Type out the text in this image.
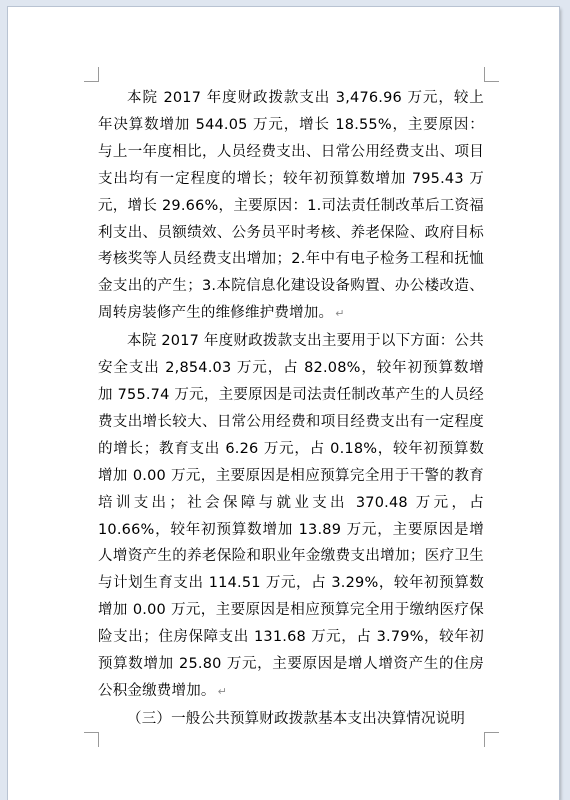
本院 2017 年度财政拨款支出 3,476.96 万元，较上年决算数增加 544.05 万元，增长 18.55%，主要原因：与上一年度相比，人员经费支出、日常公用经费支出、项目支出均有一定程度的增长；较年初预算数增加 795.43 万元，增长 29.66%，主要原因：1.司法责任制改革后工资福利支出、员额绩效、公务员平时考核、养老保险、政府目标考核奖等人员经费支出增加；2.年中有电子检务工程和抚恤金支出的产生；3.本院信息化建设设备购置、办公楼改造、周转房装修产生的维修维护费增加。 ↵

本院 2017 年度财政拨款支出主要用于以下方面：公共安全支出 2,854.03 万元，占 82.08%，较年初预算数增加 755.74 万元，主要原因是司法责任制改革产生的人员经费支出增长较大、日常公用经费和项目经费支出有一定程度的增长；教育支出 6.26 万元，占 0.18%，较年初预算数增加 0.00 万元，主要原因是相应预算完全用于干警的教育培训支出；社会保障与就业支出 370.48 万元，占 10.66%，较年初预算数增加 13.89 万元，主要原因是增人增资产生的养老保险和职业年金缴费支出增加；医疗卫生与计划生育支出 114.51 万元，占 3.29%，较年初预算数增加 0.00 万元，主要原因是相应预算完全用于缴纳医疗保险支出；住房保障支出 131.68 万元，占 3.79%，较年初预算数增加 25.80 万元，主要原因是增人增资产生的住房公积金缴费增加。 ↵

（三）一般公共预算财政拨款基本支出决算情况说明
